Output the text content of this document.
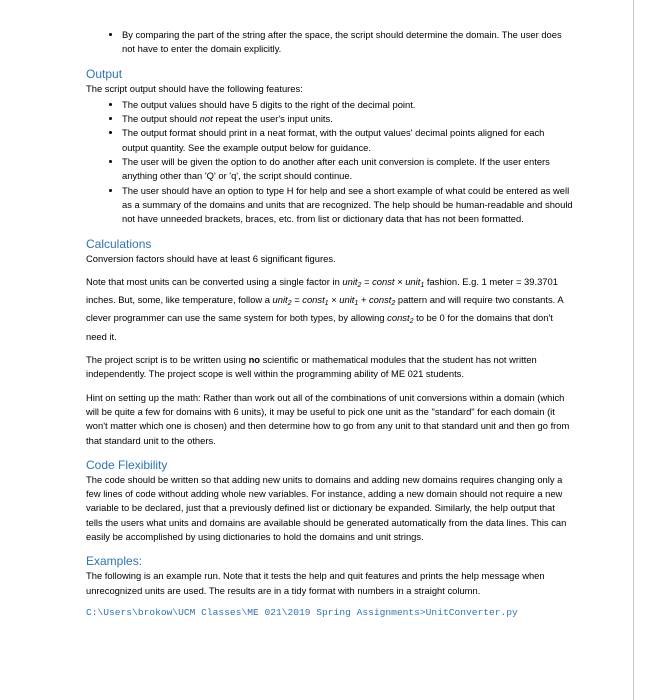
• By comparing the part of the string after the space, the script should determine the domain. The user does not have to enter the domain explicitly.
Output

The script output should have the following features:

• The output values should have 5 digits to the right of the decimal point.
• The output should not repeat the user's input units.
• The output format should print in a neat format, with the output values' decimal points aligned for each output quantity. See the example output below for guidance.
• The user will be given the option to do another after each unit conversion is complete. If the user enters anything other than 'Q' or 'q', the script should continue.
• The user should have an option to type H for help and see a short example of what could be entered as well as a summary of the domains and units that are recognized. The help should be human-readable and should not have unneeded brackets, braces, etc. from list or dictionary data that has not been formatted.
Calculations

Conversion factors should have at least 6 significant figures.

Note that most units can be converted using a single factor in unit$_2$ = const × unit$_1$ fashion. E.g. 1 meter = 39.3701 inches. But, some, like temperature, follow a unit$_2$ = const$_1$ × unit$_1$ + const$_2$ pattern and will require two constants. A clever programmer can use the same system for both types, by allowing const$_2$ to be 0 for the domains that don't need it.

The project script is to be written using no scientific or mathematical modules that the student has not written independently. The project scope is well within the programming ability of ME 021 students.

Hint on setting up the math: Rather than work out all of the combinations of unit conversions within a domain (which will be quite a few for domains with 6 units), it may be useful to pick one unit as the "standard" for each domain (it won't matter which one is chosen) and then determine how to go from any unit to that standard unit and then go from that standard unit to the others.

Code Flexibility

The code should be written so that adding new units to domains and adding new domains requires changing only a few lines of code without adding whole new variables. For instance, adding a new domain should not require a new variable to be declared, just that a previously defined list or dictionary be expanded. Similarly, the help output that tells the users what units and domains are available should be generated automatically from the data lines. This can easily be accomplished by using dictionaries to hold the domains and unit strings.

Examples:

The following is an example run. Note that it tests the help and quit features and prints the help message when unrecognized units are used. The results are in a tidy format with numbers in a straight column.

C:\Users\brokow\UCM Classes\ME 021\2019 Spring Assignments>UnitConverter.py
